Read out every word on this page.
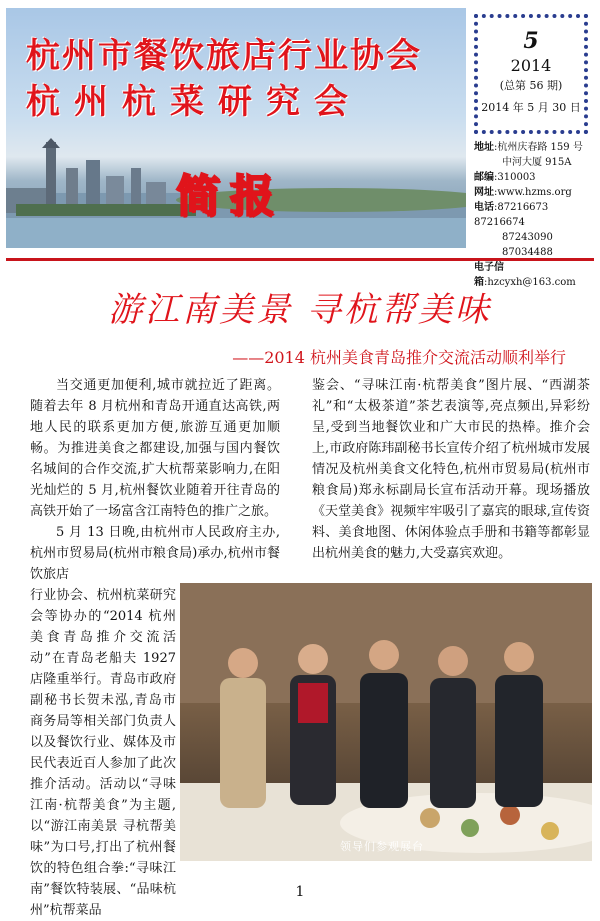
杭州市餐饮旅店行业协会
杭州杭菜研究会
简报
5
2014
(总第 56 期)
2014 年 5 月 30 日
地址:杭州庆春路 159 号
中河大厦 915A
邮编:310003
网址:www.hzms.org
电话:87216673 87216674
87243090 87034488
电子信箱:hzcyxh@163.com
游江南美景 寻杭帮美味
——2014 杭州美食青岛推介交流活动顺利举行

当交通更加便利,城市就拉近了距离。随着去年 8 月杭州和青岛开通直达高铁,两地人民的联系更加方便,旅游互通更加顺畅。为推进美食之都建设,加强与国内餐饮名城间的合作交流,扩大杭帮菜影响力,在阳光灿烂的 5 月,杭州餐饮业随着开往青岛的高铁开始了一场富含江南特色的推广之旅。

5 月 13 日晚,由杭州市人民政府主办,杭州市贸易局(杭州市粮食局)承办,杭州市餐饮旅店

行业协会、杭州杭菜研究会等协办的“2014 杭州美食青岛推介交流活动”在青岛老船夫 1927 店隆重举行。青岛市政府副秘书长贺未泓,青岛市商务局等相关部门负责人以及餐饮行业、媒体及市民代表近百人参加了此次推介活动。活动以“寻味江南·杭帮美食”为主题,以“游江南美景 寻杭帮美味”为口号,打出了杭州餐饮的特色组合拳:“寻味江南”餐饮特装展、“品味杭州”杭帮菜品

鉴会、“寻味江南·杭帮美食”图片展、“西湖茶礼”和“太极茶道”茶艺表演等,亮点频出,异彩纷呈,受到当地餐饮业和广大市民的热棒。推介会上,市政府陈玮副秘书长宣传介绍了杭州城市发展情况及杭州美食文化特色,杭州市贸易局(杭州市粮食局)郑永标副局长宣布活动开幕。现场播放《天堂美食》视频牢牢吸引了嘉宾的眼球,宣传资料、美食地图、休闲体验点手册和书籍等都彰显出杭州美食的魅力,大受嘉宾欢迎。

领导们参观展台

1
